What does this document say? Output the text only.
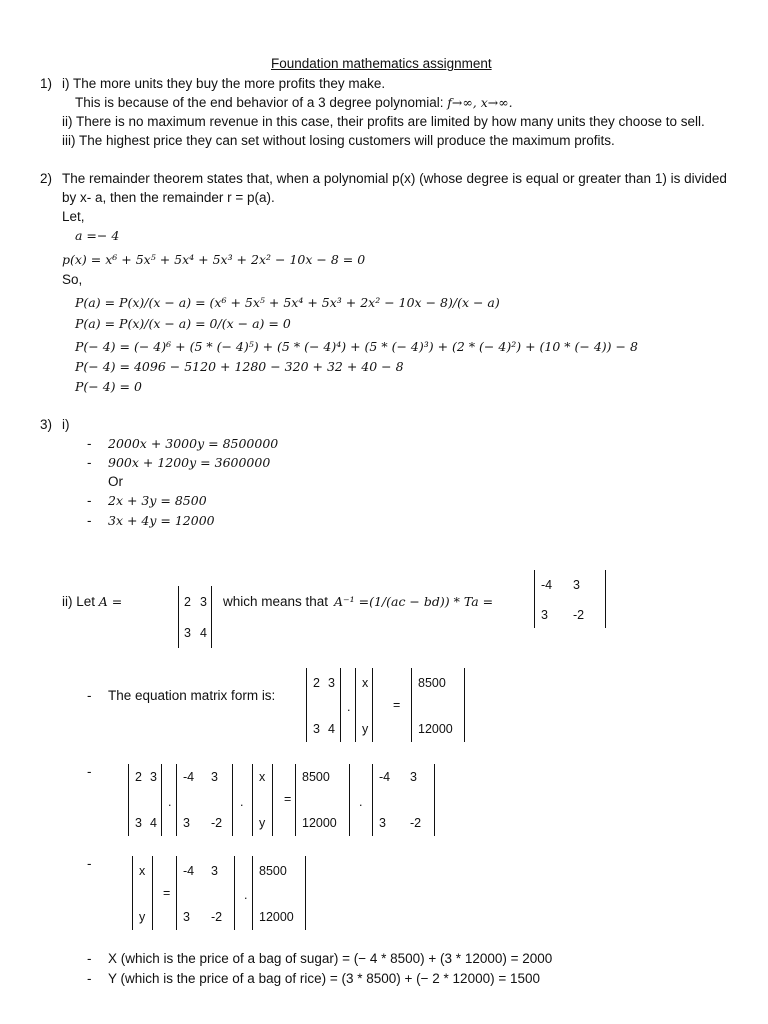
Foundation mathematics assignment
1) i) The more units they buy the more profits they make.
This is because of the end behavior of a 3 degree polynomial: f→∞, x→∞.
ii) There is no maximum revenue in this case, their profits are limited by how many units they choose to sell.
iii) The highest price they can set without losing customers will produce the maximum profits.
2) The remainder theorem states that, when a polynomial p(x) (whose degree is equal or greater than 1) is divided
by x- a, then the remainder r = p(a).
Let,
a =− 4
p(x) = x⁶ + 5x⁵ + 5x⁴ + 5x³ + 2x² − 10x − 8 = 0
So,
P(a) = P(x)/(x − a) = (x⁶ + 5x⁵ + 5x⁴ + 5x³ + 2x² − 10x − 8)/(x − a)
P(a) = P(x)/(x − a) = 0/(x − a) = 0
P(− 4) = (− 4)⁶ + (5 * (− 4)⁵) + (5 * (− 4)⁴) + (5 * (− 4)³) + (2 * (− 4)²) + (10 * (− 4)) − 8
P(− 4) = 4096 − 5120 + 1280 − 320 + 32 + 40 − 8
P(− 4) = 0
3) i)
- 2000x + 3000y = 8500000
- 900x + 1200y = 3600000
Or
- 2x + 3y = 8500
- 3x + 4y = 12000
ii) Let A =	2 3
3 4
which means that A⁻¹ =(1/(ac − bd)) * Ta =
-4 3
3 -2
- The equation matrix form is:
2 3
3 4
.
x
y
=
8500
12000
-	2 3
3 4
.
-4 3
3 -2
.
x
y
=
8500
12000
.
-4 3
3 -2
-	x
y
=
-4 3
3 -2
.
8500
12000
- X (which is the price of a bag of sugar) = (− 4 * 8500) + (3 * 12000) = 2000
- Y (which is the price of a bag of rice) = (3 * 8500) + (− 2 * 12000) = 1500
